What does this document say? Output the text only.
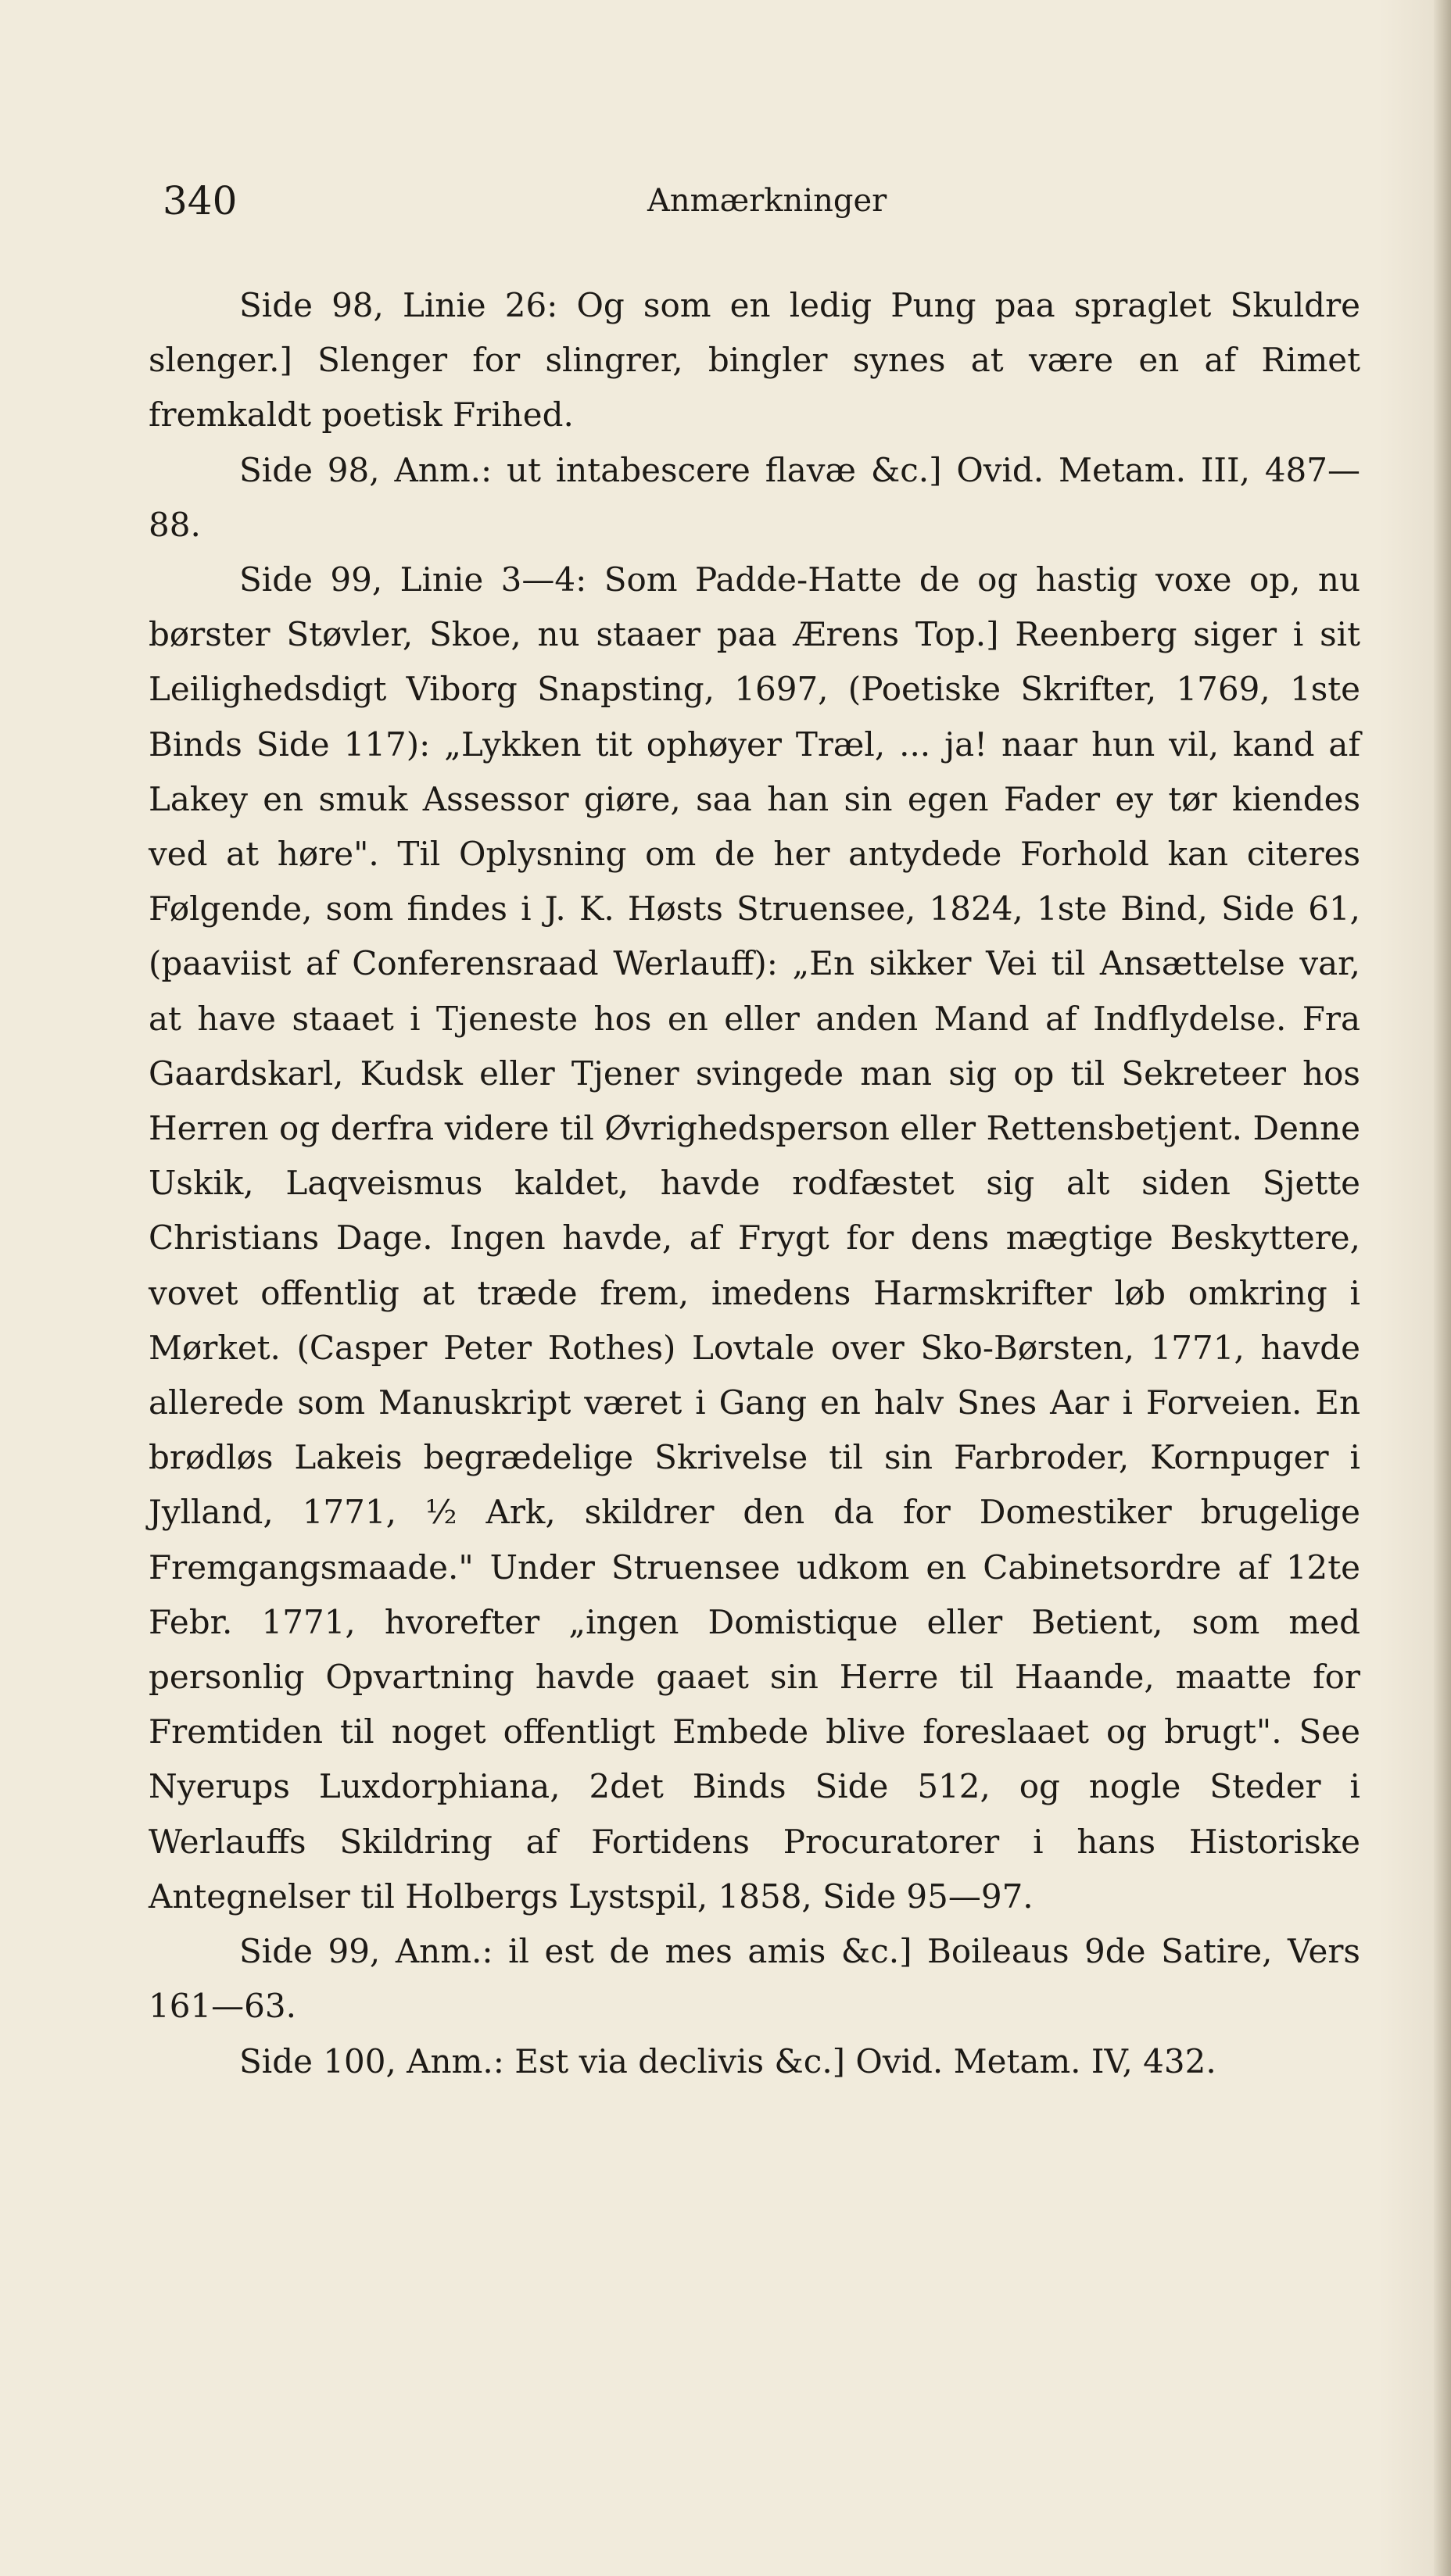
340	Anmærkninger

Side 98, Linie 26: Og som en ledig Pung paa spraglet Skuldre slenger.] Slenger for slingrer, bingler synes at være en af Rimet fremkaldt poetisk Frihed.

Side 98, Anm.: ut intabescere flavæ &c.] Ovid. Metam. III, 487—88.

Side 99, Linie 3—4: Som Padde-Hatte de og hastig voxe op, nu børster Støvler, Skoe, nu staaer paa Ærens Top.] Reenberg siger i sit Leilighedsdigt Viborg Snapsting, 1697, (Poetiske Skrifter, 1769, 1ste Binds Side 117): „Lykken tit ophøyer Træl, ... ja! naar hun vil, kand af Lakey en smuk Assessor giøre, saa han sin egen Fader ey tør kiendes ved at høre". Til Oplysning om de her antydede Forhold kan citeres Følgende, som findes i J. K. Høsts Struensee, 1824, 1ste Bind, Side 61, (paaviist af Conferensraad Werlauff): „En sikker Vei til Ansættelse var, at have staaet i Tjeneste hos en eller anden Mand af Indflydelse. Fra Gaardskarl, Kudsk eller Tjener svingede man sig op til Sekreteer hos Herren og derfra videre til Øvrighedsperson eller Rettensbetjent. Denne Uskik, Laqveismus kaldet, havde rodfæstet sig alt siden Sjette Christians Dage. Ingen havde, af Frygt for dens mægtige Beskyttere, vovet offentlig at træde frem, imedens Harmskrifter løb omkring i Mørket. (Casper Peter Rothes) Lovtale over Sko-Børsten, 1771, havde allerede som Manuskript været i Gang en halv Snes Aar i Forveien. En brødløs Lakeis begrædelige Skrivelse til sin Farbroder, Kornpuger i Jylland, 1771, ½ Ark, skildrer den da for Domestiker brugelige Fremgangsmaade." Under Struensee udkom en Cabinetsordre af 12te Febr. 1771, hvorefter „ingen Domistique eller Betient, som med personlig Opvartning havde gaaet sin Herre til Haande, maatte for Fremtiden til noget offentligt Embede blive foreslaaet og brugt". See Nyerups Luxdorphiana, 2det Binds Side 512, og nogle Steder i Werlauffs Skildring af Fortidens Procuratorer i hans Historiske Antegnelser til Holbergs Lystspil, 1858, Side 95—97.

Side 99, Anm.: il est de mes amis &c.] Boileaus 9de Satire, Vers 161—63.

Side 100, Anm.: Est via declivis &c.] Ovid. Metam. IV, 432.
